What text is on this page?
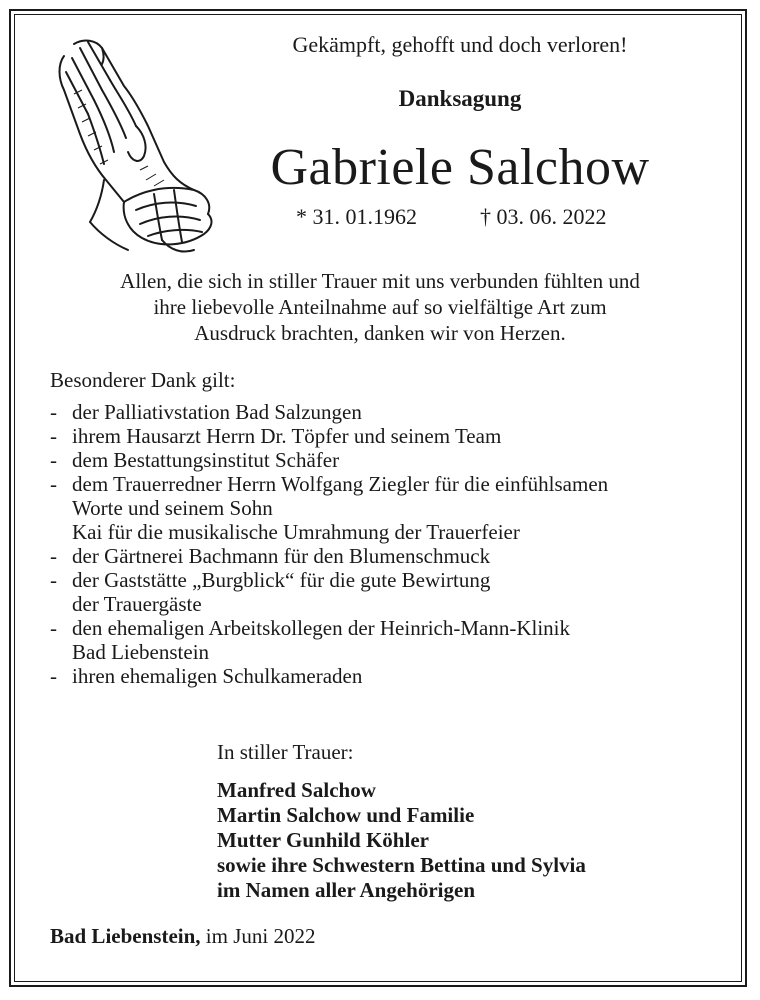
Gekämpft, gehofft und doch verloren!

Danksagung

Gabriele Salchow

* 31. 01.1962	† 03. 06. 2022

Allen, die sich in stiller Trauer mit uns verbunden fühlten und
ihre liebevolle Anteilnahme auf so vielfältige Art zum
Ausdruck brachten, danken wir von Herzen.

Besonderer Dank gilt:

- der Palliativstation Bad Salzungen
- ihrem Hausarzt Herrn Dr. Töpfer und seinem Team
- dem Bestattungsinstitut Schäfer
- dem Trauerredner Herrn Wolfgang Ziegler für die einfühlsamen
Worte und seinem Sohn
Kai für die musikalische Umrahmung der Trauerfeier
- der Gärtnerei Bachmann für den Blumenschmuck
- der Gaststätte „Burgblick“ für die gute Bewirtung
der Trauergäste
- den ehemaligen Arbeitskollegen der Heinrich-Mann-Klinik
Bad Liebenstein
- ihren ehemaligen Schulkameraden

In stiller Trauer:

Manfred Salchow
Martin Salchow und Familie
Mutter Gunhild Köhler
sowie ihre Schwestern Bettina und Sylvia
im Namen aller Angehörigen

Bad Liebenstein, im Juni 2022
